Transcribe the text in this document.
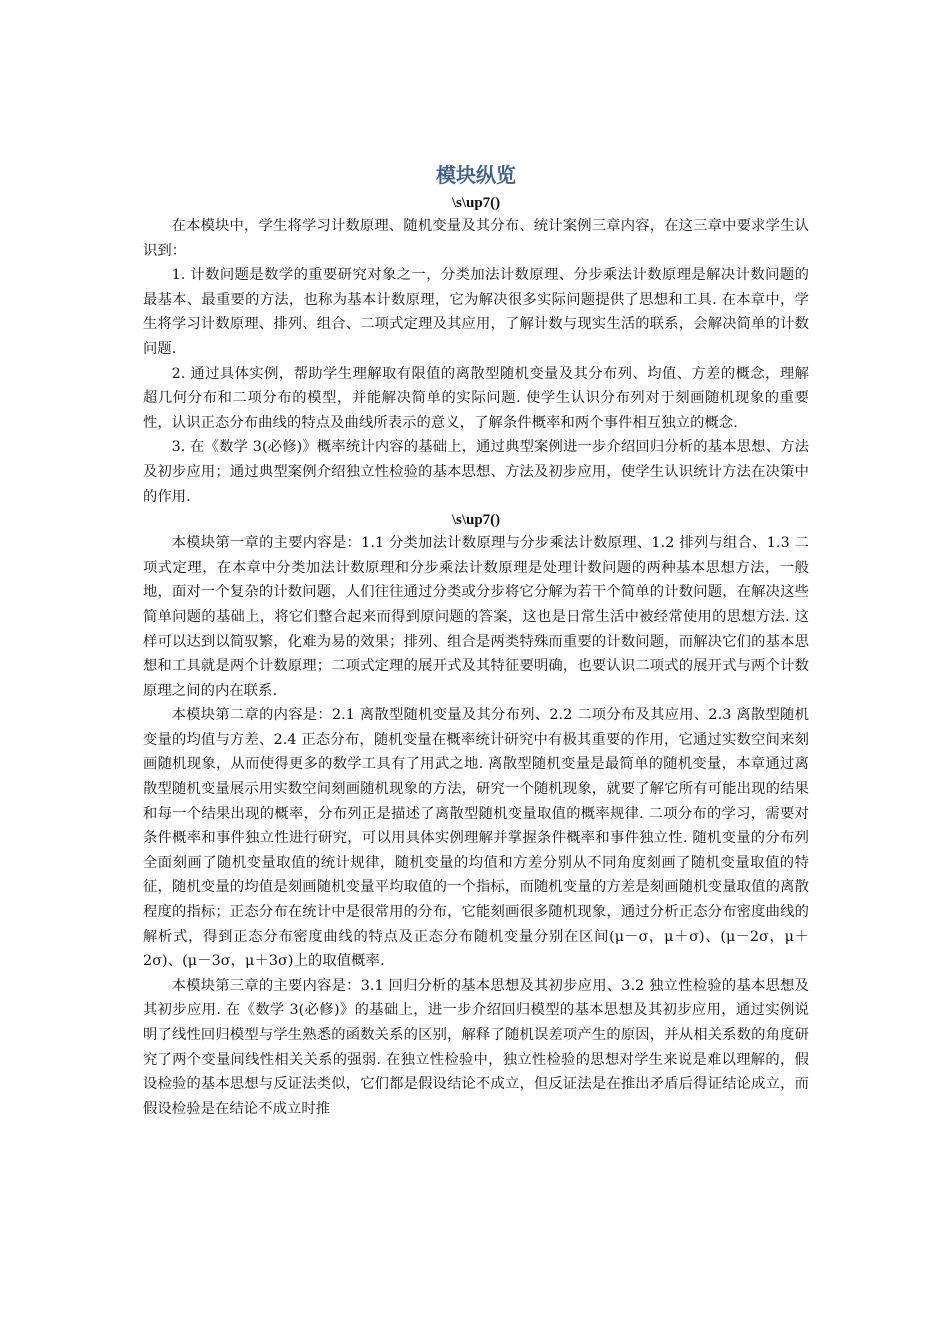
模块纵览

\s\up7()

在本模块中，学生将学习计数原理、随机变量及其分布、统计案例三章内容，在这三章中要求学生认识到：

1. 计数问题是数学的重要研究对象之一，分类加法计数原理、分步乘法计数原理是解决计数问题的最基本、最重要的方法，也称为基本计数原理，它为解决很多实际问题提供了思想和工具. 在本章中，学生将学习计数原理、排列、组合、二项式定理及其应用，了解计数与现实生活的联系，会解决简单的计数问题.

2. 通过具体实例，帮助学生理解取有限值的离散型随机变量及其分布列、均值、方差的概念，理解超几何分布和二项分布的模型，并能解决简单的实际问题. 使学生认识分布列对于刻画随机现象的重要性，认识正态分布曲线的特点及曲线所表示的意义，了解条件概率和两个事件相互独立的概念.

3. 在《数学 3(必修)》概率统计内容的基础上，通过典型案例进一步介绍回归分析的基本思想、方法及初步应用；通过典型案例介绍独立性检验的基本思想、方法及初步应用，使学生认识统计方法在决策中的作用.

\s\up7()

本模块第一章的主要内容是：1.1 分类加法计数原理与分步乘法计数原理、1.2 排列与组合、1.3 二项式定理，在本章中分类加法计数原理和分步乘法计数原理是处理计数问题的两种基本思想方法，一般地，面对一个复杂的计数问题，人们往往通过分类或分步将它分解为若干个简单的计数问题，在解决这些简单问题的基础上，将它们整合起来而得到原问题的答案，这也是日常生活中被经常使用的思想方法. 这样可以达到以简驭繁，化难为易的效果；排列、组合是两类特殊而重要的计数问题，而解决它们的基本思想和工具就是两个计数原理；二项式定理的展开式及其特征要明确，也要认识二项式的展开式与两个计数原理之间的内在联系.

本模块第二章的内容是：2.1 离散型随机变量及其分布列、2.2 二项分布及其应用、2.3 离散型随机变量的均值与方差、2.4 正态分布，随机变量在概率统计研究中有极其重要的作用，它通过实数空间来刻画随机现象，从而使得更多的数学工具有了用武之地. 离散型随机变量是最简单的随机变量，本章通过离散型随机变量展示用实数空间刻画随机现象的方法，研究一个随机现象，就要了解它所有可能出现的结果和每一个结果出现的概率，分布列正是描述了离散型随机变量取值的概率规律. 二项分布的学习，需要对条件概率和事件独立性进行研究，可以用具体实例理解并掌握条件概率和事件独立性. 随机变量的分布列全面刻画了随机变量取值的统计规律，随机变量的均值和方差分别从不同角度刻画了随机变量取值的特征，随机变量的均值是刻画随机变量平均取值的一个指标，而随机变量的方差是刻画随机变量取值的离散程度的指标；正态分布在统计中是很常用的分布，它能刻画很多随机现象，通过分析正态分布密度曲线的解析式，得到正态分布密度曲线的特点及正态分布随机变量分别在区间(μ－σ，μ＋σ)、(μ－2σ，μ＋2σ)、(μ－3σ，μ＋3σ)上的取值概率.

本模块第三章的主要内容是：3.1 回归分析的基本思想及其初步应用、3.2 独立性检验的基本思想及其初步应用. 在《数学 3(必修)》的基础上，进一步介绍回归模型的基本思想及其初步应用，通过实例说明了线性回归模型与学生熟悉的函数关系的区别，解释了随机误差项产生的原因，并从相关系数的角度研究了两个变量间线性相关关系的强弱. 在独立性检验中，独立性检验的思想对学生来说是难以理解的，假设检验的基本思想与反证法类似，它们都是假设结论不成立，但反证法是在推出矛盾后得证结论成立，而假设检验是在结论不成立时推
